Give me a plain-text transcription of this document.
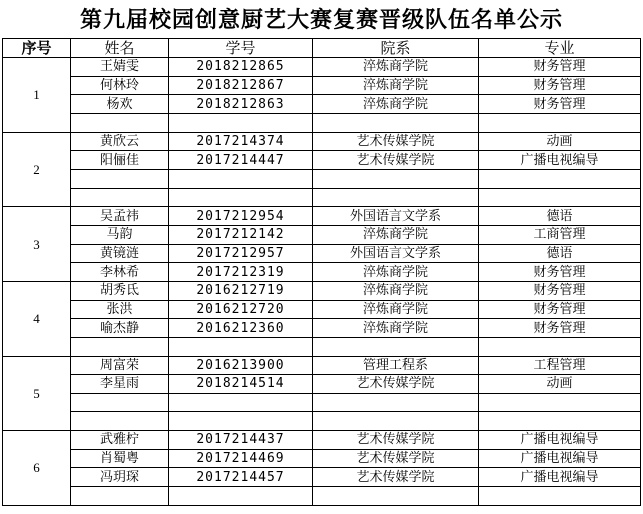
第九届校园创意厨艺大赛复赛晋级队伍名单公示
序号	姓名	学号	院系	专业
1	王婧雯	2018212865	淬炼商学院	财务管理
	何林玲	2018212867	淬炼商学院	财务管理
	杨欢	2018212863	淬炼商学院	财务管理

2	黄欣云	2017214374	艺术传媒学院	动画
	阳俪佳	2017214447	艺术传媒学院	广播电视编导

3	吴孟祎	2017212954	外国语言文学系	德语
	马韵	2017212142	淬炼商学院	工商管理
	黄镜涟	2017212957	外国语言文学系	德语
	李林希	2017212319	淬炼商学院	财务管理
4	胡秀氐	2016212719	淬炼商学院	财务管理
	张洪	2016212720	淬炼商学院	财务管理
	喻杰静	2016212360	淬炼商学院	财务管理

5	周富荣	2016213900	管理工程系	工程管理
	李星雨	2018214514	艺术传媒学院	动画

6	武雅柠	2017214437	艺术传媒学院	广播电视编导
	肖蜀粤	2017214469	艺术传媒学院	广播电视编导
	冯玥琛	2017214457	艺术传媒学院	广播电视编导
